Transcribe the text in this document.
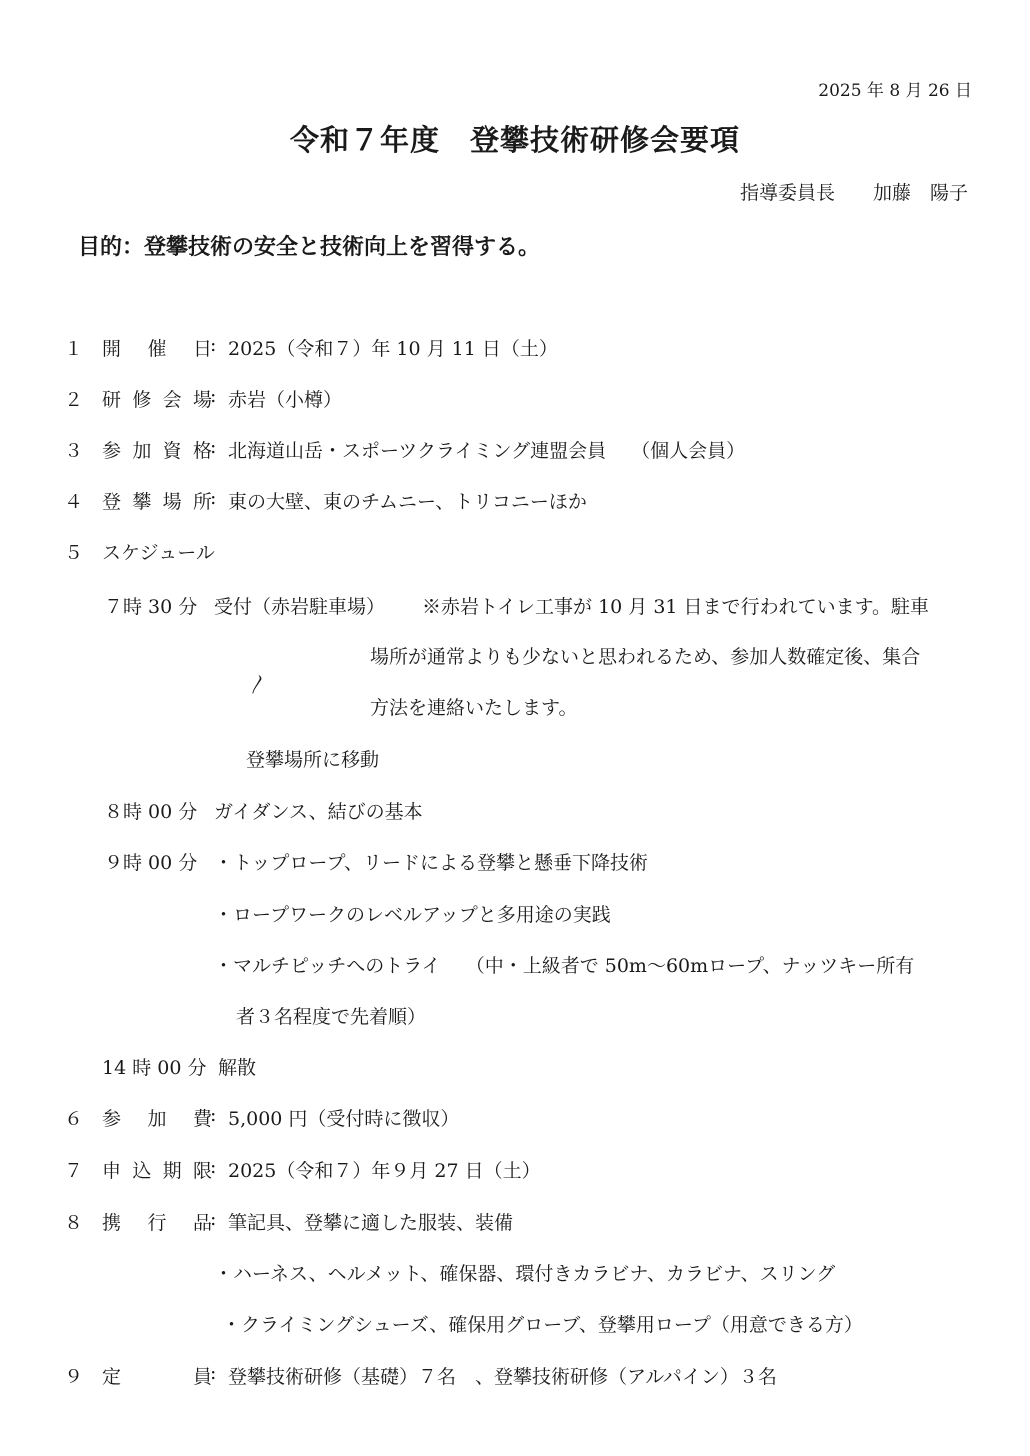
2025 年 8 月 26 日
令和７年度　登攀技術研修会要項
指導委員長　　加藤　陽子
目的：登攀技術の安全と技術向上を習得する。
１ 開　催　日
: 2025（令和７）年 10 月 11 日（土）
２ 研修会場
: 赤岩（小樽）
３ 参加資格
: 北海道山岳・スポーツクライミング連盟会員　 （個人会員）
４ 登攀場所
: 東の大壁、東のチムニー、トリコニーほか
５ スケジュール
７時 30 分 受付（赤岩駐車場） ※赤岩トイレ工事が 10 月 31 日まで行われています。駐車
場所が通常よりも少ないと思われるため、参加人数確定後、集合
〳
方法を連絡いたします。
登攀場所に移動
８時 00 分 ガイダンス、結びの基本
９時 00 分 ・トップロープ、リードによる登攀と懸垂下降技術
・ロープワークのレベルアップと多用途の実践
・マルチピッチへのトライ　 （中・上級者で 50m～60mロープ、ナッツキー所有
者３名程度で先着順）
14 時 00 分 解散
６ 参　加　費
: 5,000 円（受付時に徴収）
７ 申込期限
: 2025（令和７）年９月 27 日（土）
８ 携　行　品
: 筆記具、登攀に適した服装、装備
・ハーネス、ヘルメット、確保器、環付きカラビナ、カラビナ、スリング
・クライミングシューズ、確保用グローブ、登攀用ロープ（用意できる方）
９ 定　　　員
: 登攀技術研修（基礎）７名　、登攀技術研修（アルパイン）３名
